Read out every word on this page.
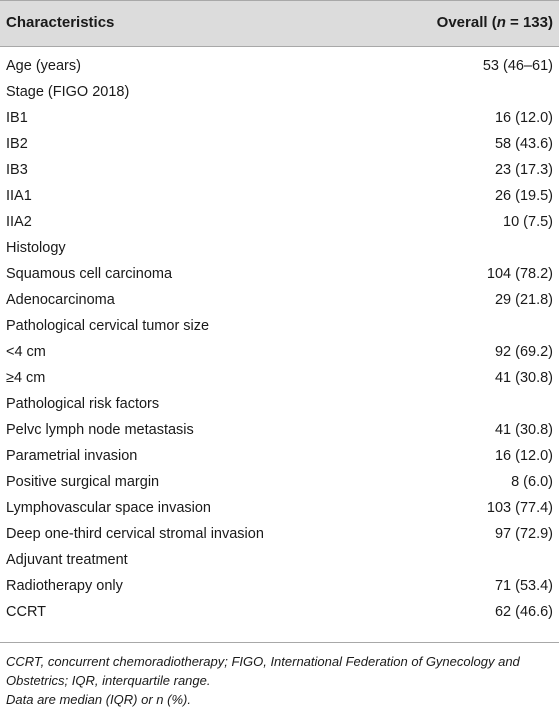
Characteristics	Overall (n = 133)
Age (years)	53 (46–61)
Stage (FIGO 2018)
IB1	16 (12.0)
IB2	58 (43.6)
IB3	23 (17.3)
IIA1	26 (19.5)
IIA2	10 (7.5)
Histology
Squamous cell carcinoma	104 (78.2)
Adenocarcinoma	29 (21.8)
Pathological cervical tumor size
<4 cm	92 (69.2)
≥4 cm	41 (30.8)
Pathological risk factors
Pelvc lymph node metastasis	41 (30.8)
Parametrial invasion	16 (12.0)
Positive surgical margin	8 (6.0)
Lymphovascular space invasion	103 (77.4)
Deep one-third cervical stromal invasion	97 (72.9)
Adjuvant treatment
Radiotherapy only	71 (53.4)
CCRT	62 (46.6)
CCRT, concurrent chemoradiotherapy; FIGO, International Federation of Gynecology and
Obstetrics; IQR, interquartile range.
Data are median (IQR) or n (%).
